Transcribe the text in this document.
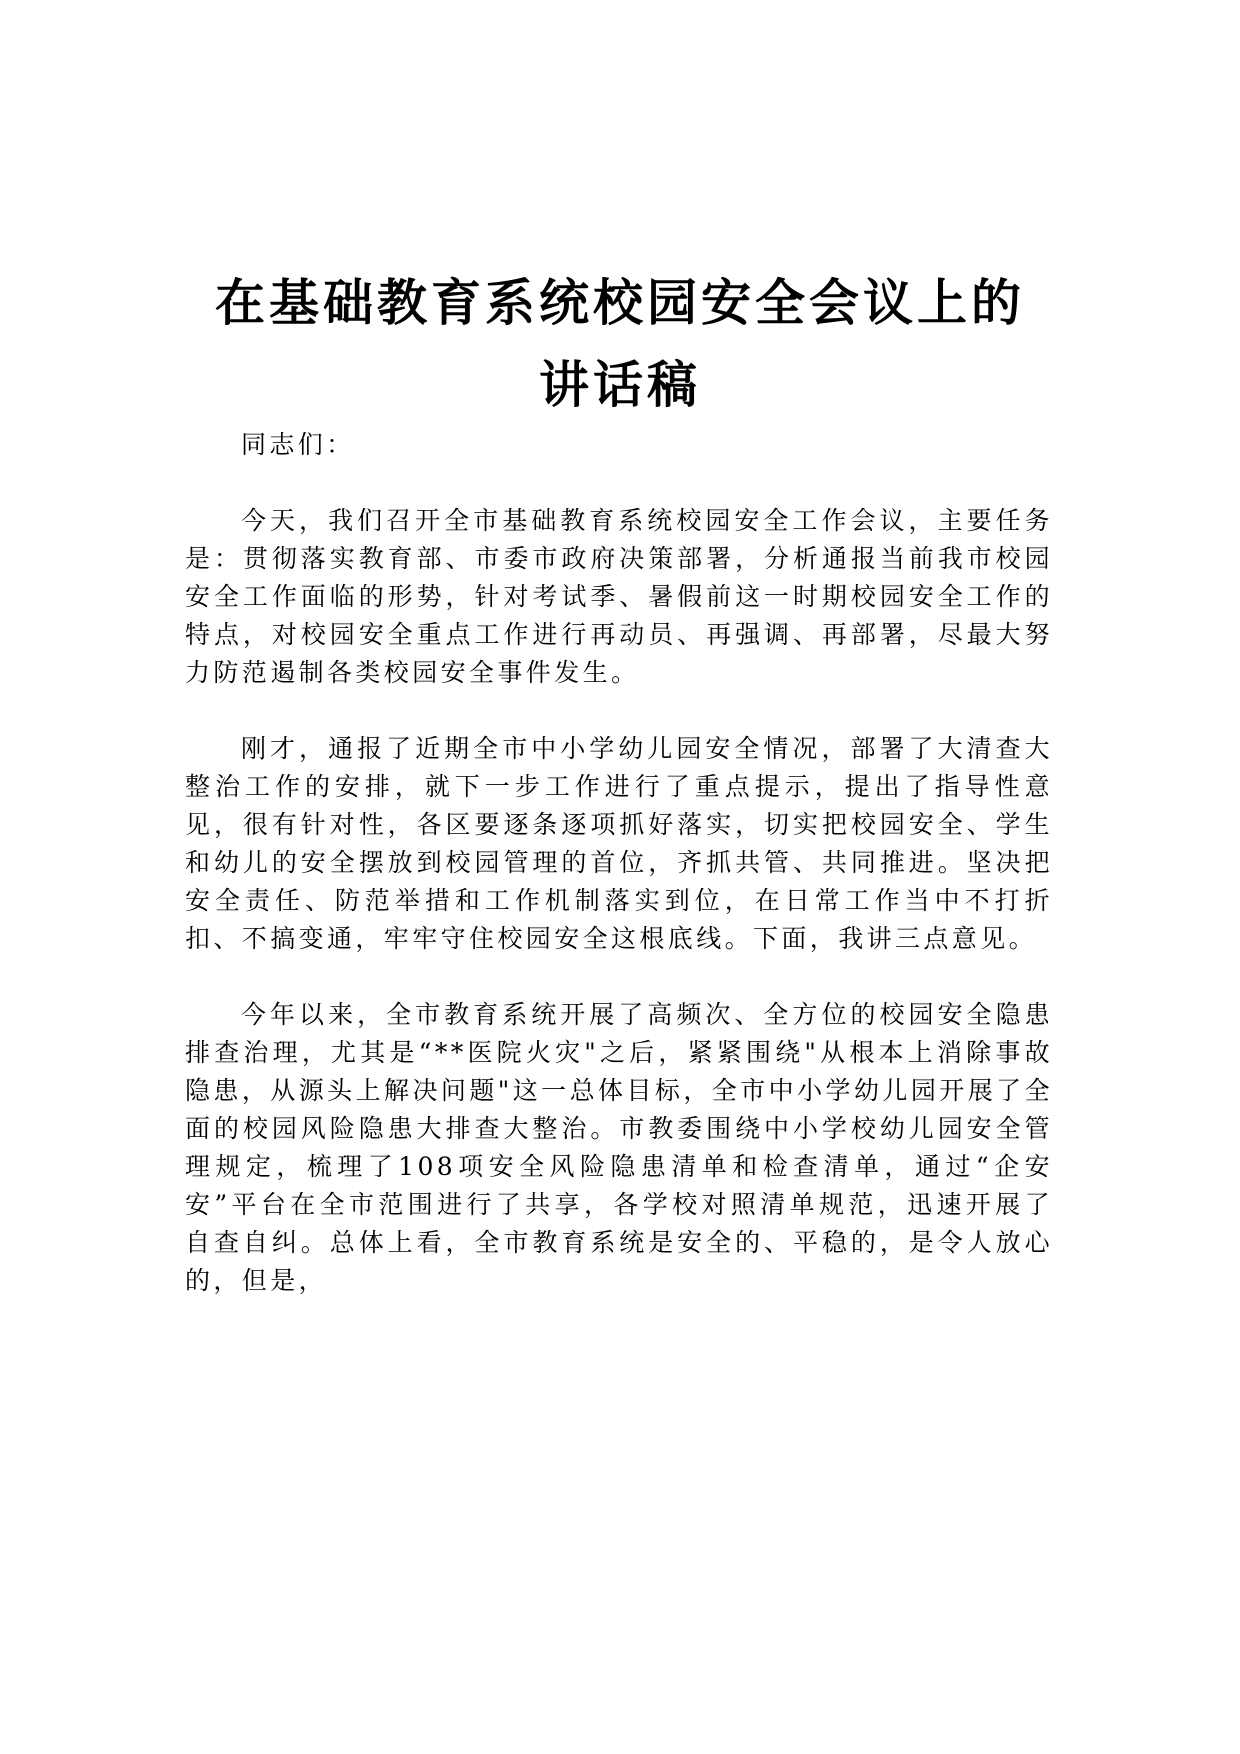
在基础教育系统校园安全会议上的
讲话稿

同志们：

今天，我们召开全市基础教育系统校园安全工作会议，主要任务是：贯彻落实教育部、市委市政府决策部署，分析通报当前我市校园安全工作面临的形势，针对考试季、暑假前这一时期校园安全工作的特点，对校园安全重点工作进行再动员、再强调、再部署，尽最大努力防范遏制各类校园安全事件发生。

刚才，通报了近期全市中小学幼儿园安全情况，部署了大清查大整治工作的安排，就下一步工作进行了重点提示，提出了指导性意见，很有针对性，各区要逐条逐项抓好落实，切实把校园安全、学生和幼儿的安全摆放到校园管理的首位，齐抓共管、共同推进。坚决把安全责任、防范举措和工作机制落实到位，在日常工作当中不打折扣、不搞变通，牢牢守住校园安全这根底线。下面，我讲三点意见。

今年以来，全市教育系统开展了高频次、全方位的校园安全隐患排查治理，尤其是“**医院火灾"之后，紧紧围绕"从根本上消除事故隐患，从源头上解决问题"这一总体目标，全市中小学幼儿园开展了全面的校园风险隐患大排查大整治。市教委围绕中小学校幼儿园安全管理规定，梳理了108项安全风险隐患清单和检查清单，通过“企安安”平台在全市范围进行了共享，各学校对照清单规范，迅速开展了自查自纠。总体上看，全市教育系统是安全的、平稳的，是令人放心的，但是，
